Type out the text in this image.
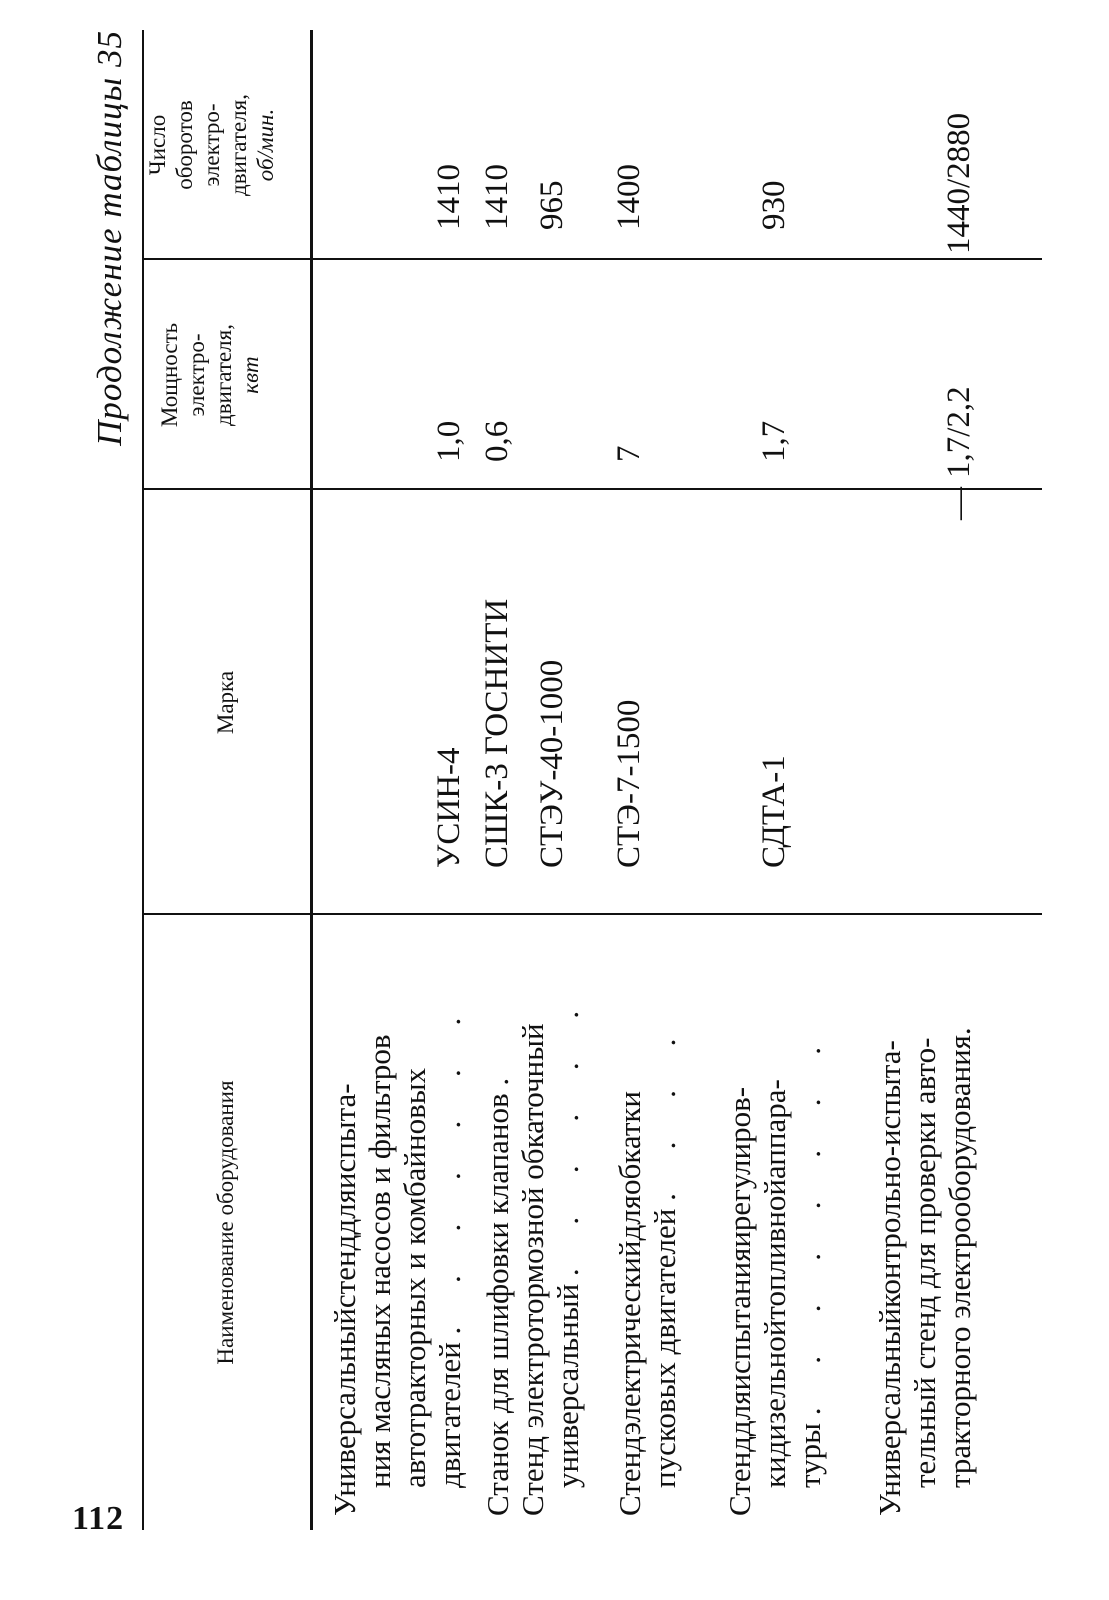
112
Продолжение таблицы 35
Наименование оборудования
Марка
Мощность электро- двигателя, квт
Число оборотов электро- двигателя, об/мин.
Универсальныйстенддляиспыта- ния масляных насосов и фильтров автотракторных и комбайновых двигателей . . . . . . .
УСИН-4
1,0
1410
Станок для шлифовки клапанов .
СШК-3 ГОСНИТИ
0,6
1410
Стенд электротормозной обкаточный универсальный . . . . . .
СТЭУ-40-1000
965
Стендэлектрическийдляобкатки
пусковых двигателей . . . .
СТЭ-7-1500
7
1400
Стенддляиспытанияирегулиров-
кидизельнойтопливнойаппара-
туры . . . . . . . .
СДТА-1
1,7
930
Универсальныйконтрольно-испыта- тельный стенд для проверки авто- тракторного электрооборудования.
—
1,7/2,2
1440/2880
